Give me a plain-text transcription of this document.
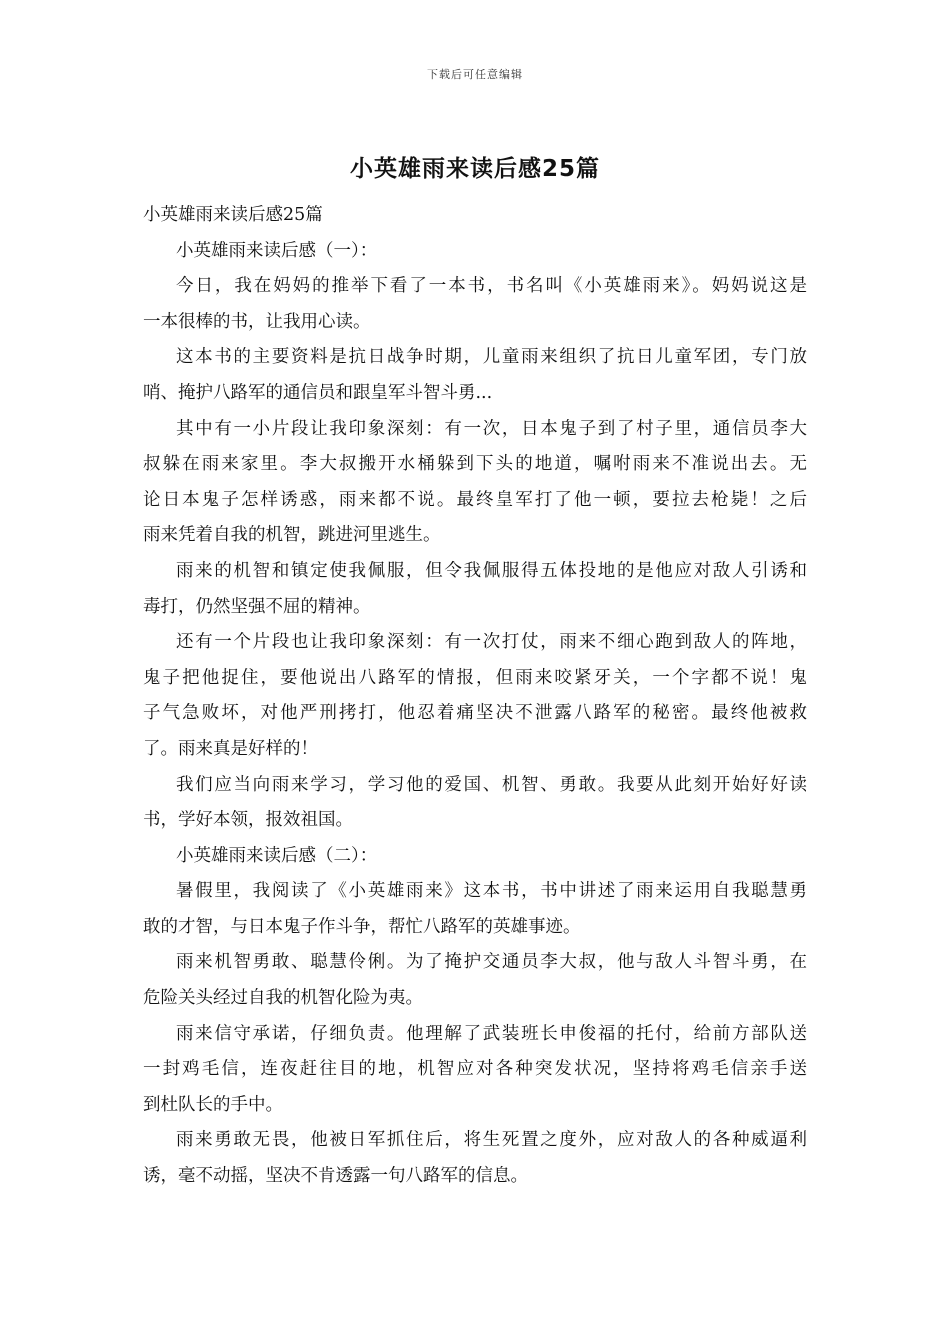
下载后可任意编辑
小英雄雨来读后感25篇
小英雄雨来读后感25篇
小英雄雨来读后感（一）：
今日，我在妈妈的推举下看了一本书，书名叫《小英雄雨来》。妈妈说这是
一本很棒的书，让我用心读。
这本书的主要资料是抗日战争时期，儿童雨来组织了抗日儿童军团，专门放
哨、掩护八路军的通信员和跟皇军斗智斗勇...
其中有一小片段让我印象深刻：有一次，日本鬼子到了村子里，通信员李大
叔躲在雨来家里。李大叔搬开水桶躲到下头的地道，嘱咐雨来不准说出去。无
论日本鬼子怎样诱惑，雨来都不说。最终皇军打了他一顿，要拉去枪毙！之后
雨来凭着自我的机智，跳进河里逃生。
雨来的机智和镇定使我佩服，但令我佩服得五体投地的是他应对敌人引诱和
毒打，仍然坚强不屈的精神。
还有一个片段也让我印象深刻：有一次打仗，雨来不细心跑到敌人的阵地，
鬼子把他捉住，要他说出八路军的情报，但雨来咬紧牙关，一个字都不说！鬼
子气急败坏，对他严刑拷打，他忍着痛坚决不泄露八路军的秘密。最终他被救
了。雨来真是好样的！
我们应当向雨来学习，学习他的爱国、机智、勇敢。我要从此刻开始好好读
书，学好本领，报效祖国。
小英雄雨来读后感（二）：
暑假里，我阅读了《小英雄雨来》这本书，书中讲述了雨来运用自我聪慧勇
敢的才智，与日本鬼子作斗争，帮忙八路军的英雄事迹。
雨来机智勇敢、聪慧伶俐。为了掩护交通员李大叔，他与敌人斗智斗勇，在
危险关头经过自我的机智化险为夷。
雨来信守承诺，仔细负责。他理解了武装班长申俊福的托付，给前方部队送
一封鸡毛信，连夜赶往目的地，机智应对各种突发状况，坚持将鸡毛信亲手送
到杜队长的手中。
雨来勇敢无畏，他被日军抓住后，将生死置之度外，应对敌人的各种威逼利
诱，毫不动摇，坚决不肯透露一句八路军的信息。
